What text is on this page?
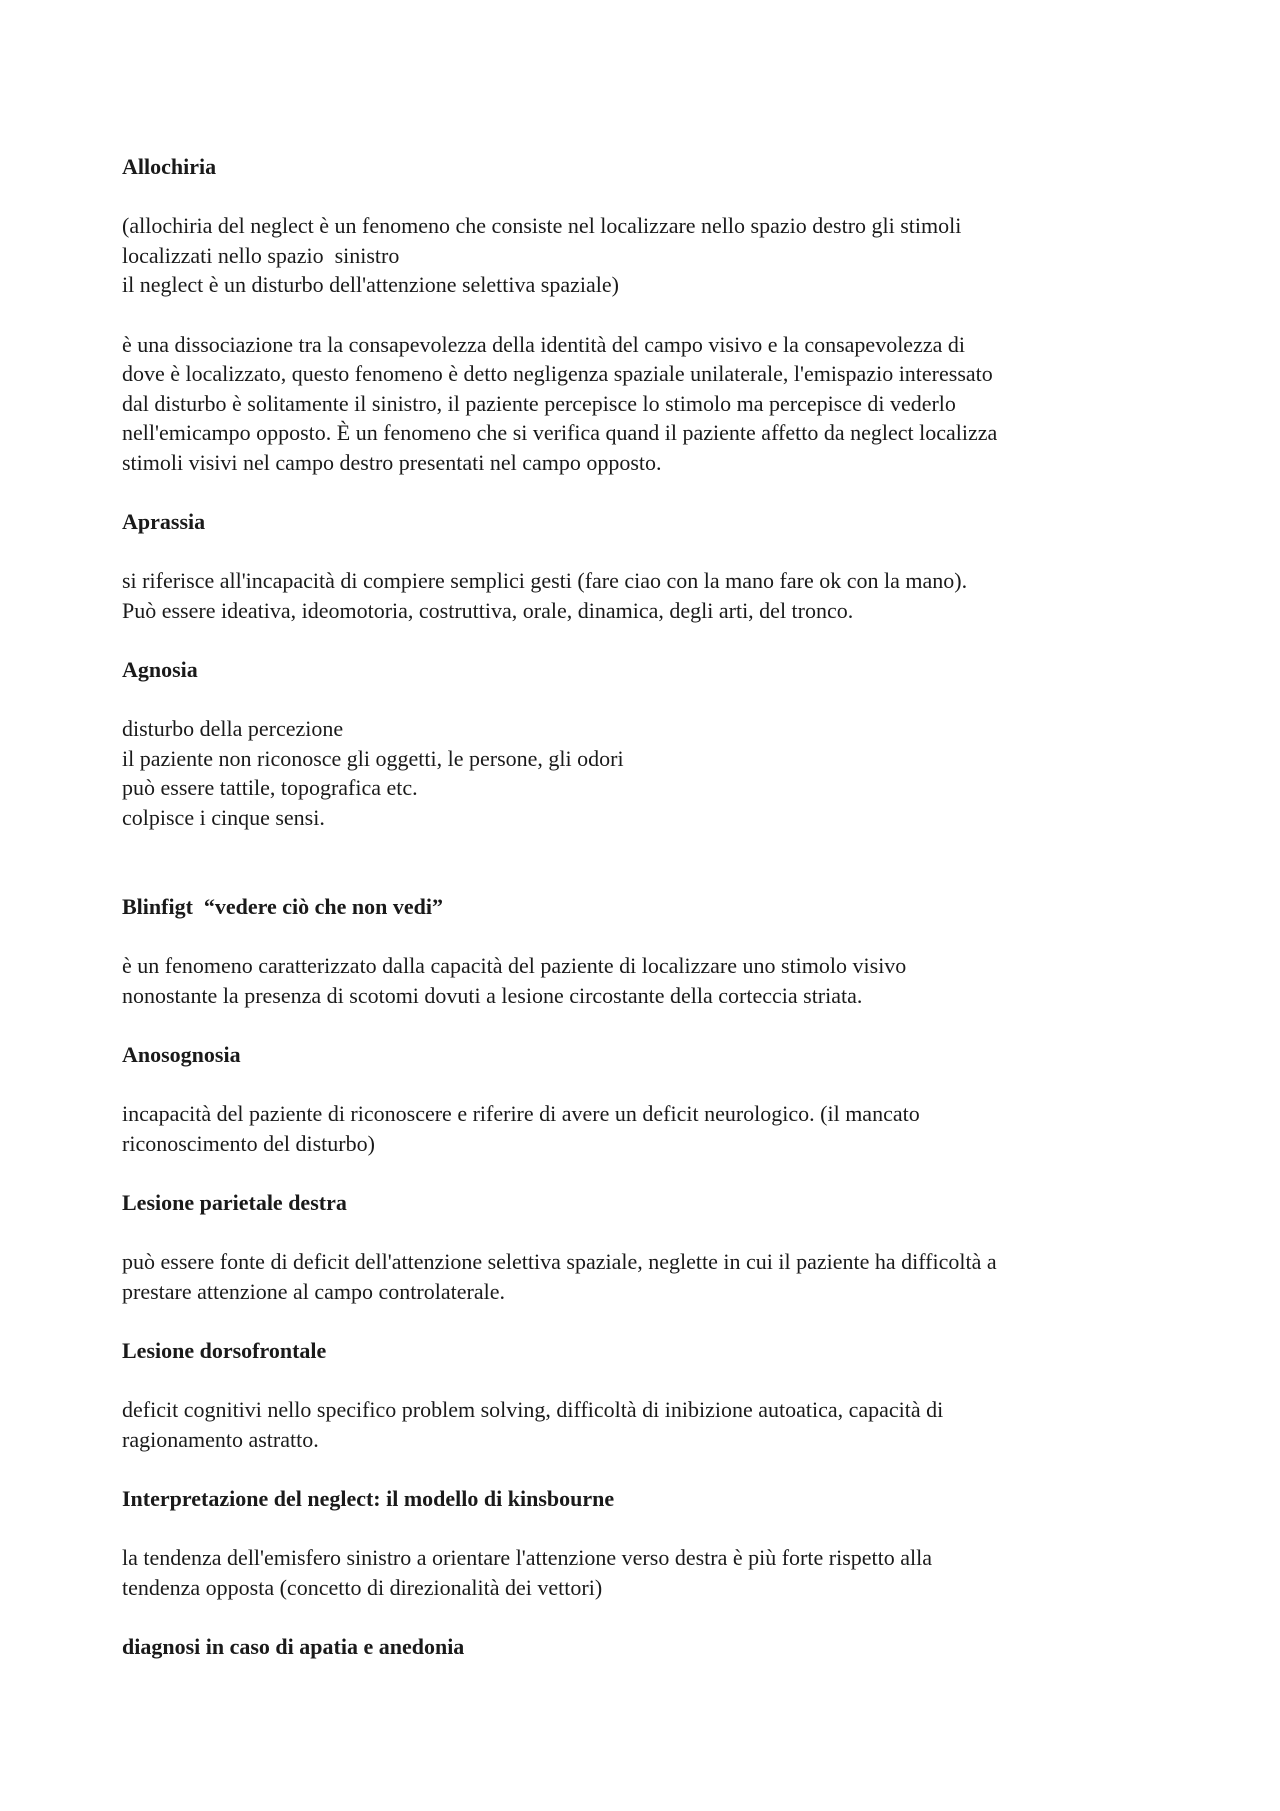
Allochiria

(allochiria del neglect è un fenomeno che consiste nel localizzare nello spazio destro gli stimoli
localizzati nello spazio  sinistro
il neglect è un disturbo dell'attenzione selettiva spaziale)

è una dissociazione tra la consapevolezza della identità del campo visivo e la consapevolezza di
dove è localizzato, questo fenomeno è detto negligenza spaziale unilaterale, l'emispazio interessato
dal disturbo è solitamente il sinistro, il paziente percepisce lo stimolo ma percepisce di vederlo
nell'emicampo opposto. È un fenomeno che si verifica quand il paziente affetto da neglect localizza
stimoli visivi nel campo destro presentati nel campo opposto.

Aprassia

si riferisce all'incapacità di compiere semplici gesti (fare ciao con la mano fare ok con la mano).
Può essere ideativa, ideomotoria, costruttiva, orale, dinamica, degli arti, del tronco.

Agnosia

disturbo della percezione
il paziente non riconosce gli oggetti, le persone, gli odori
può essere tattile, topografica etc.
colpisce i cinque sensi.

Blinfigt  “vedere ciò che non vedi”

è un fenomeno caratterizzato dalla capacità del paziente di localizzare uno stimolo visivo
nonostante la presenza di scotomi dovuti a lesione circostante della corteccia striata.

Anosognosia

incapacità del paziente di riconoscere e riferire di avere un deficit neurologico. (il mancato
riconoscimento del disturbo)

Lesione parietale destra

può essere fonte di deficit dell'attenzione selettiva spaziale, neglette in cui il paziente ha difficoltà a
prestare attenzione al campo controlaterale.

Lesione dorsofrontale

deficit cognitivi nello specifico problem solving, difficoltà di inibizione autoatica, capacità di
ragionamento astratto.

Interpretazione del neglect: il modello di kinsbourne

la tendenza dell'emisfero sinistro a orientare l'attenzione verso destra è più forte rispetto alla
tendenza opposta (concetto di direzionalità dei vettori)

diagnosi in caso di apatia e anedonia
